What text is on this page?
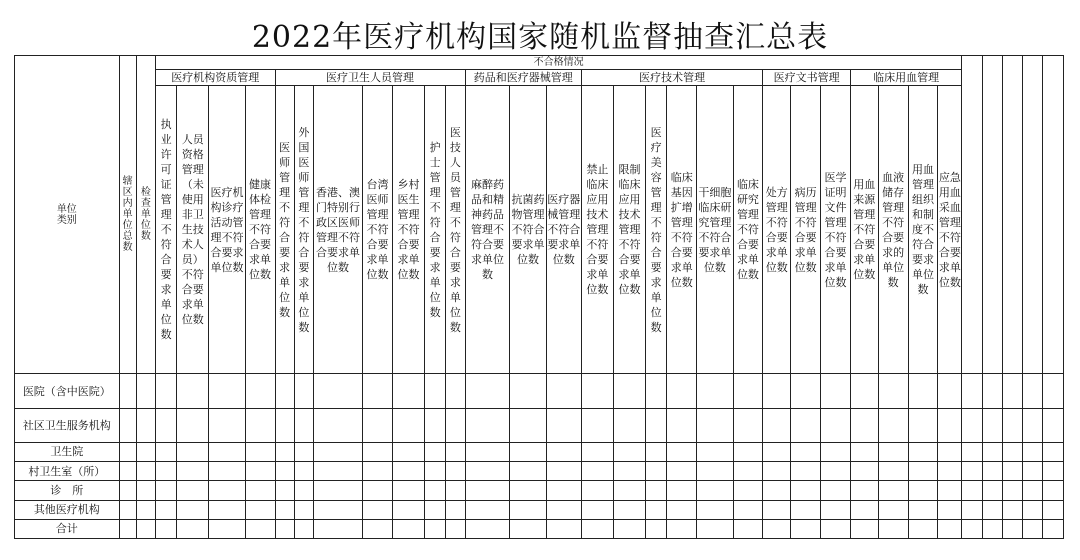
2022年医疗机构国家随机监督抽查汇总表
单位
类别	辖区内单位总数	检查单位数	不合格情况																															
			医疗机构资质管理				医疗卫生人员管理							药品和医疗器械管理			医疗技术管理						医疗文书管理			临床用血管理								
			执业许可证管理不符合要求单位数	人员资格管理（未使用非卫生技术人员）不符合要求单位数	医疗机构诊疗活动管理不符合要求单位数	健康体检管理不符合要求单位数	医师管理不符合要求单位数	外国医师管理不符合要求单位数	香港、澳门特别行政区医师管理不符合要求单位数	台湾医师管理不符合要求单位数	乡村医生管理不符合要求单位数	护士管理不符合要求单位数	医技人员管理不符合要求单位数	麻醉药品和精神药品管理不符合要求单位数	抗菌药物管理不符合要求单位数	医疗器械管理不符合要求单位数	禁止临床应用技术管理不符合要求单位数	限制临床应用技术管理不符合要求单位数	医疗美容管理不符合要求单位数	临床基因扩增管理不符合要求单位数	干细胞临床研究管理不符合要求单位数	临床研究管理不符合要求单位数	处方管理不符合要求单位数	病历管理不符合要求单位数	医学证明文件管理不符合要求单位数	用血来源管理不符合要求单位数	血液储存管理不符合要求的单位数	用血管理组织和制度不符合要求单位数	应急用血采血管理不符合要求单位数					
医院（含中医院）																																		
社区卫生服务机构																																		
卫生院																																		
村卫生室（所）																																		
诊　所																																		
其他医疗机构																																		
合计																																		
